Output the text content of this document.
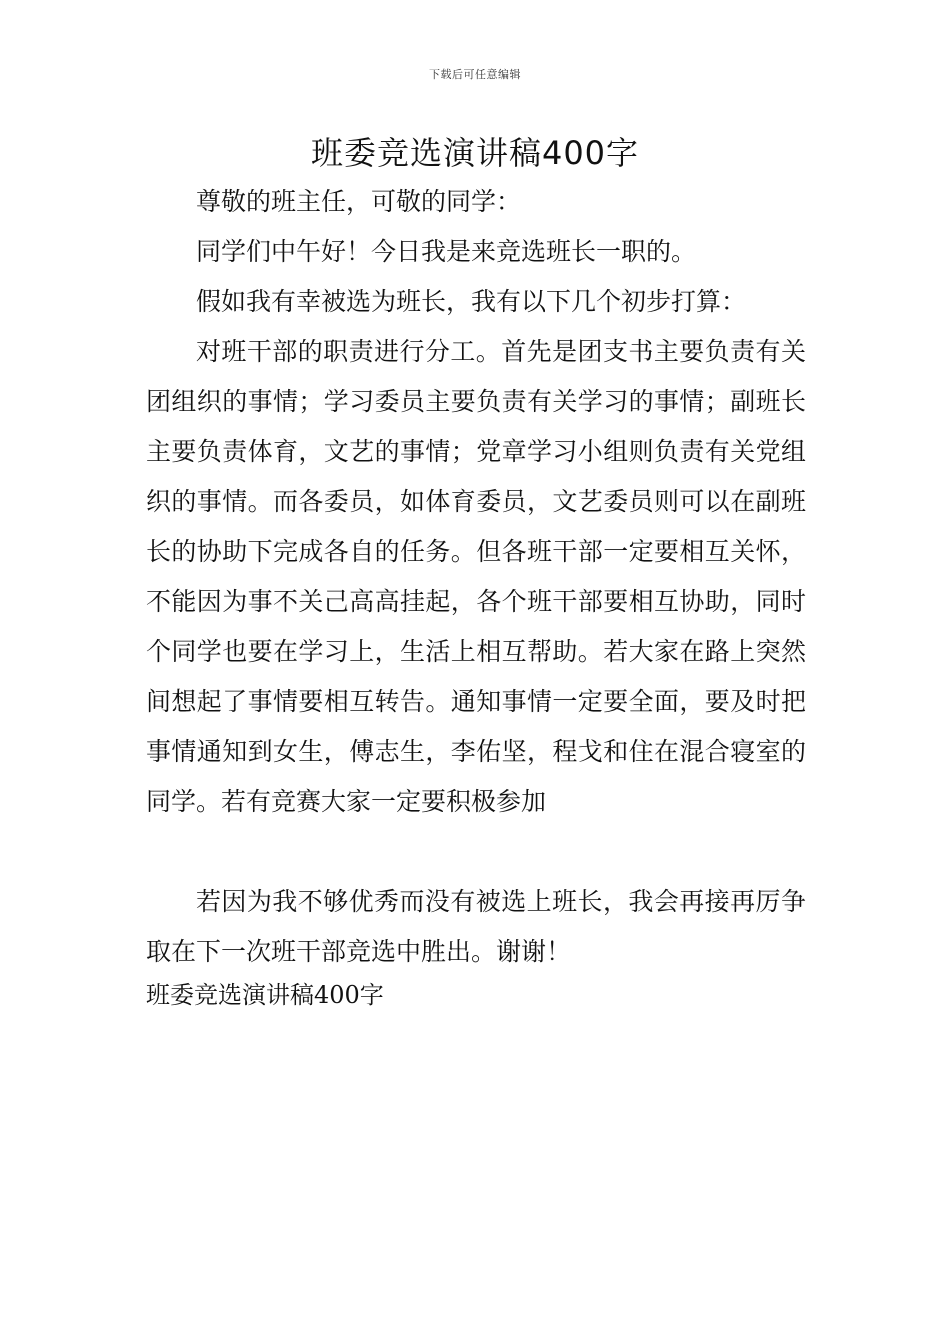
下载后可任意编辑
班委竞选演讲稿400字

尊敬的班主任，可敬的同学：

同学们中午好！今日我是来竞选班长一职的。

假如我有幸被选为班长，我有以下几个初步打算：

对班干部的职责进行分工。首先是团支书主要负责有关团组织的事情；学习委员主要负责有关学习的事情；副班长主要负责体育，文艺的事情；党章学习小组则负责有关党组织的事情。而各委员，如体育委员，文艺委员则可以在副班长的协助下完成各自的任务。但各班干部一定要相互关怀，不能因为事不关己高高挂起，各个班干部要相互协助，同时个同学也要在学习上，生活上相互帮助。若大家在路上突然间想起了事情要相互转告。通知事情一定要全面，要及时把事情通知到女生，傅志生，李佑坚，程戈和住在混合寝室的同学。若有竞赛大家一定要积极参加

若因为我不够优秀而没有被选上班长，我会再接再厉争取在下一次班干部竞选中胜出。谢谢！

班委竞选演讲稿400字
